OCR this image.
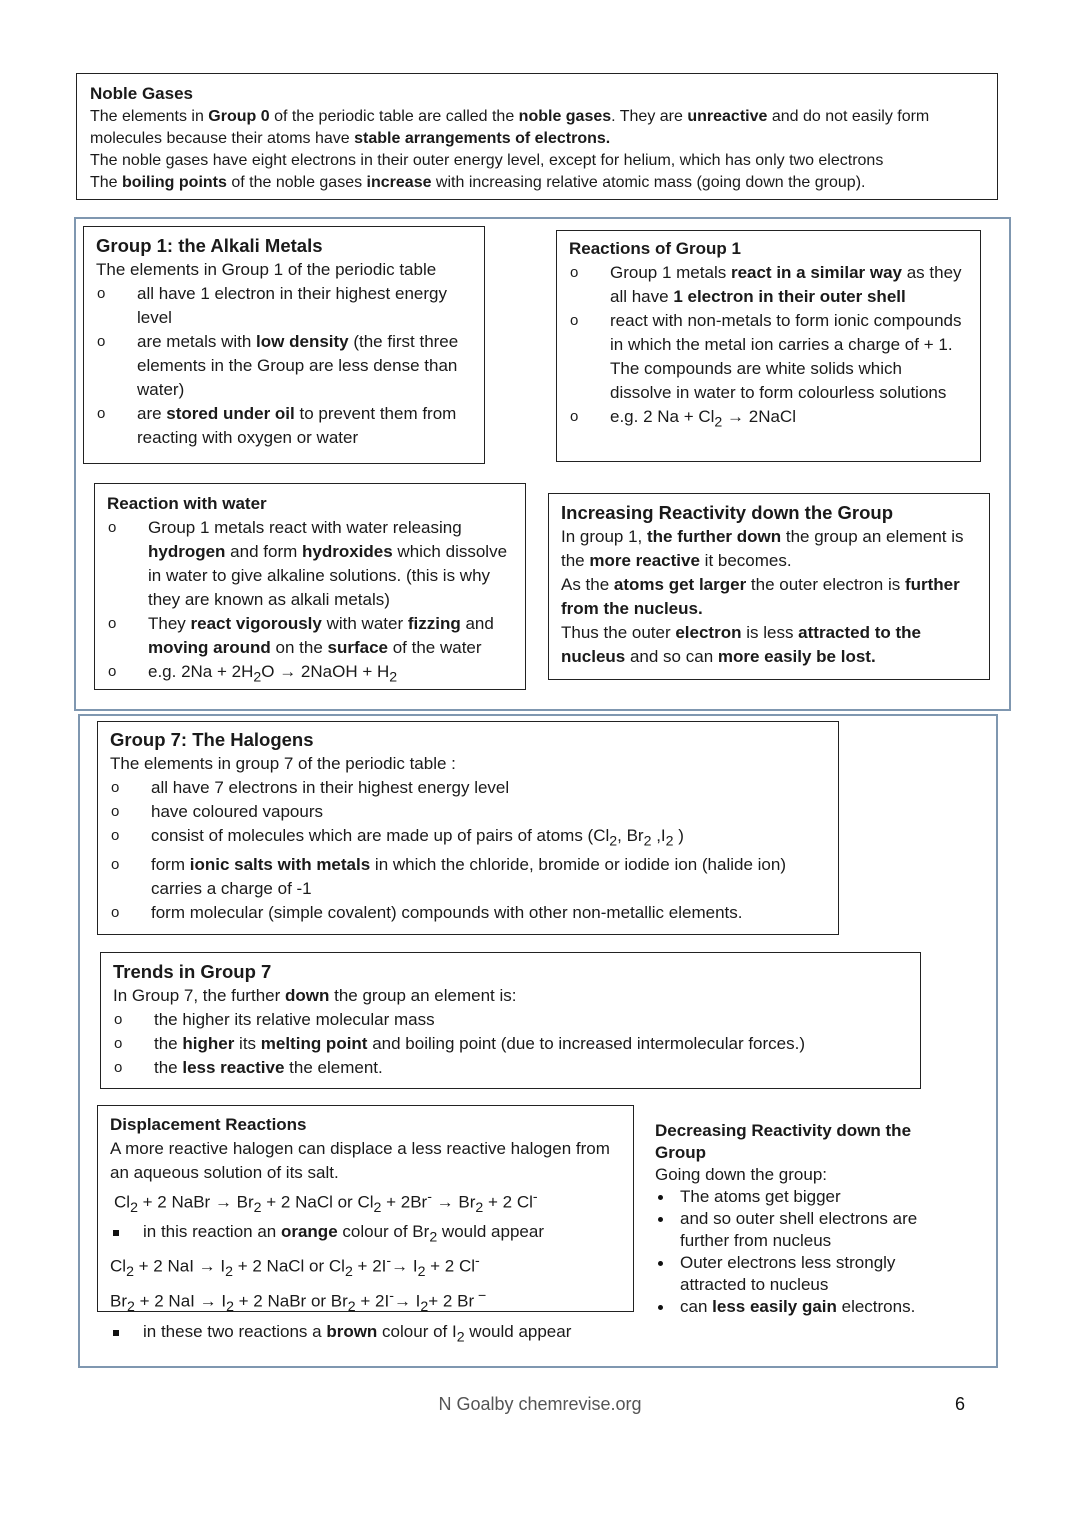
Noble Gases
The elements in Group 0 of the periodic table are called the noble gases. They are unreactive and do not easily form molecules because their atoms have stable arrangements of electrons.
The noble gases have eight electrons in their outer energy level, except for helium, which has only two electrons
The boiling points of the noble gases increase with increasing relative atomic mass (going down the group).
Group 1: the Alkali Metals
The elements in Group 1 of the periodic table
o all have 1 electron in their highest energy level
o are metals with low density (the first three elements in the Group are less dense than water)
o are stored under oil to prevent them from reacting with oxygen or water
Reactions of Group 1
o Group 1 metals react in a similar way as they all have 1 electron in their outer shell
o react with non-metals to form ionic compounds in which the metal ion carries a charge of + 1. The compounds are white solids which dissolve in water to form colourless solutions
o e.g. 2 $Na + Cl_2$ → 2NaCl
Reaction with water
o Group 1 metals react with water releasing hydrogen and form hydroxides which dissolve in water to give alkaline solutions. (this is why they are known as alkali metals)
o They react vigorously with water fizzing and moving around on the surface of the water
o e.g. $2Na + 2H_2O$ → 2NaOH + $H_2$
Increasing Reactivity down the Group
In group 1, the further down the group an element is the more reactive it becomes.
As the atoms get larger the outer electron is further from the nucleus.
Thus the outer electron is less attracted to the nucleus and so can more easily be lost.
Group 7: The Halogens
The elements in group 7 of the periodic table :
o all have 7 electrons in their highest energy level
o have coloured vapours
o consist of molecules which are made up of pairs of atoms ($Cl_2$, $Br_2$ $,I_2$ )
o form ionic salts with metals in which the chloride, bromide or iodide ion (halide ion) carries a charge of -1
o form molecular (simple covalent) compounds with other non-metallic elements.
Trends in Group 7
In Group 7, the further down the group an element is:
o the higher its relative molecular mass
o the higher its melting point and boiling point (due to increased intermolecular forces.)
o the less reactive the element.
Displacement Reactions
A more reactive halogen can displace a less reactive halogen from an aqueous solution of its salt.
$Cl_2 + 2$ NaBr → $Br_2 + 2$ NaCl or $Cl_2 + 2Br^- \to Br_2 + 2$ Cl-
in this reaction an orange colour of $Br_2$ would appear
$Cl_2 + 2$ NaI → $I_2 + 2$ NaCl or $Cl_2 + 2I^-\to I_2 + 2$ Cl-
$Br_2 + 2$ NaI → $I_2 + 2$ NaBr or $Br_2 + 2I^-\to I_2+ 2$ Br −
in these two reactions a brown colour of $I_2$ would appear
Decreasing Reactivity down the Group
Going down the group:
The atoms get bigger
and so outer shell electrons are further from nucleus
Outer electrons less strongly attracted to nucleus
can less easily gain electrons.
N Goalby chemrevise.org	6
